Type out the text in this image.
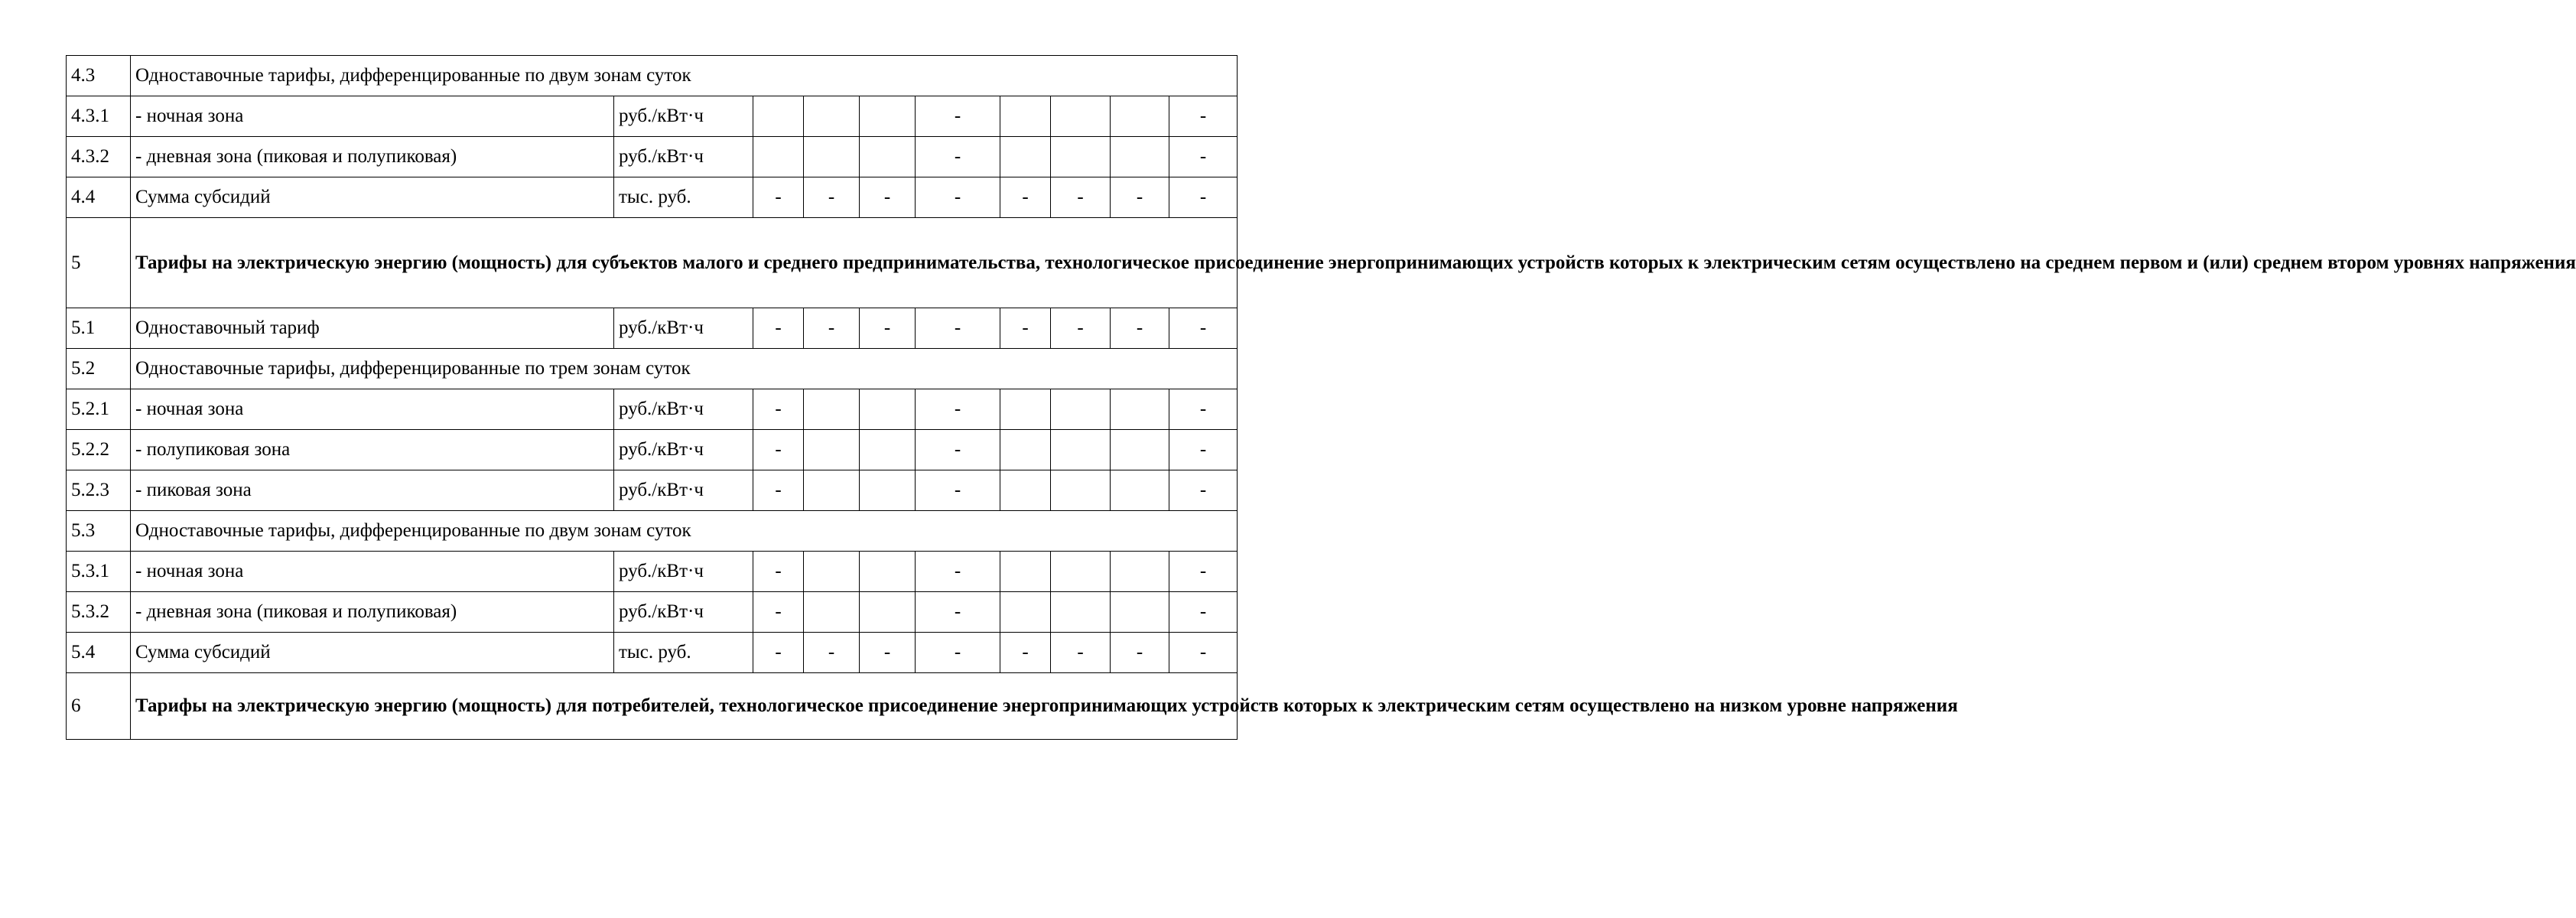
4.3	Одноставочные тарифы, дифференцированные по двум зонам суток									
4.3.1	- ночная зона	руб./кВт·ч				-				-
4.3.2	- дневная зона (пиковая и полупиковая)	руб./кВт·ч				-				-
4.4	Сумма субсидий	тыс. руб.	-	-	-	-	-	-	-	-
5	Тарифы на электрическую энергию (мощность) для субъектов малого и среднего предпринимательства, технологическое присоединение энергопринимающих устройств которых к электрическим сетям осуществлено на среднем первом и (или) среднем втором уровнях напряжения									
5.1	Одноставочный тариф	руб./кВт·ч	-	-	-	-	-	-	-	-
5.2	Одноставочные тарифы, дифференцированные по трем зонам суток									
5.2.1	- ночная зона	руб./кВт·ч	-			-				-
5.2.2	- полупиковая зона	руб./кВт·ч	-			-				-
5.2.3	- пиковая зона	руб./кВт·ч	-			-				-
5.3	Одноставочные тарифы, дифференцированные по двум зонам суток									
5.3.1	- ночная зона	руб./кВт·ч	-			-				-
5.3.2	- дневная зона (пиковая и полупиковая)	руб./кВт·ч	-			-				-
5.4	Сумма субсидий	тыс. руб.	-	-	-	-	-	-	-	-
6	Тарифы на электрическую энергию (мощность) для потребителей, технологическое присоединение энергопринимающих устройств которых к электрическим сетям осуществлено на низком уровне напряжения									
